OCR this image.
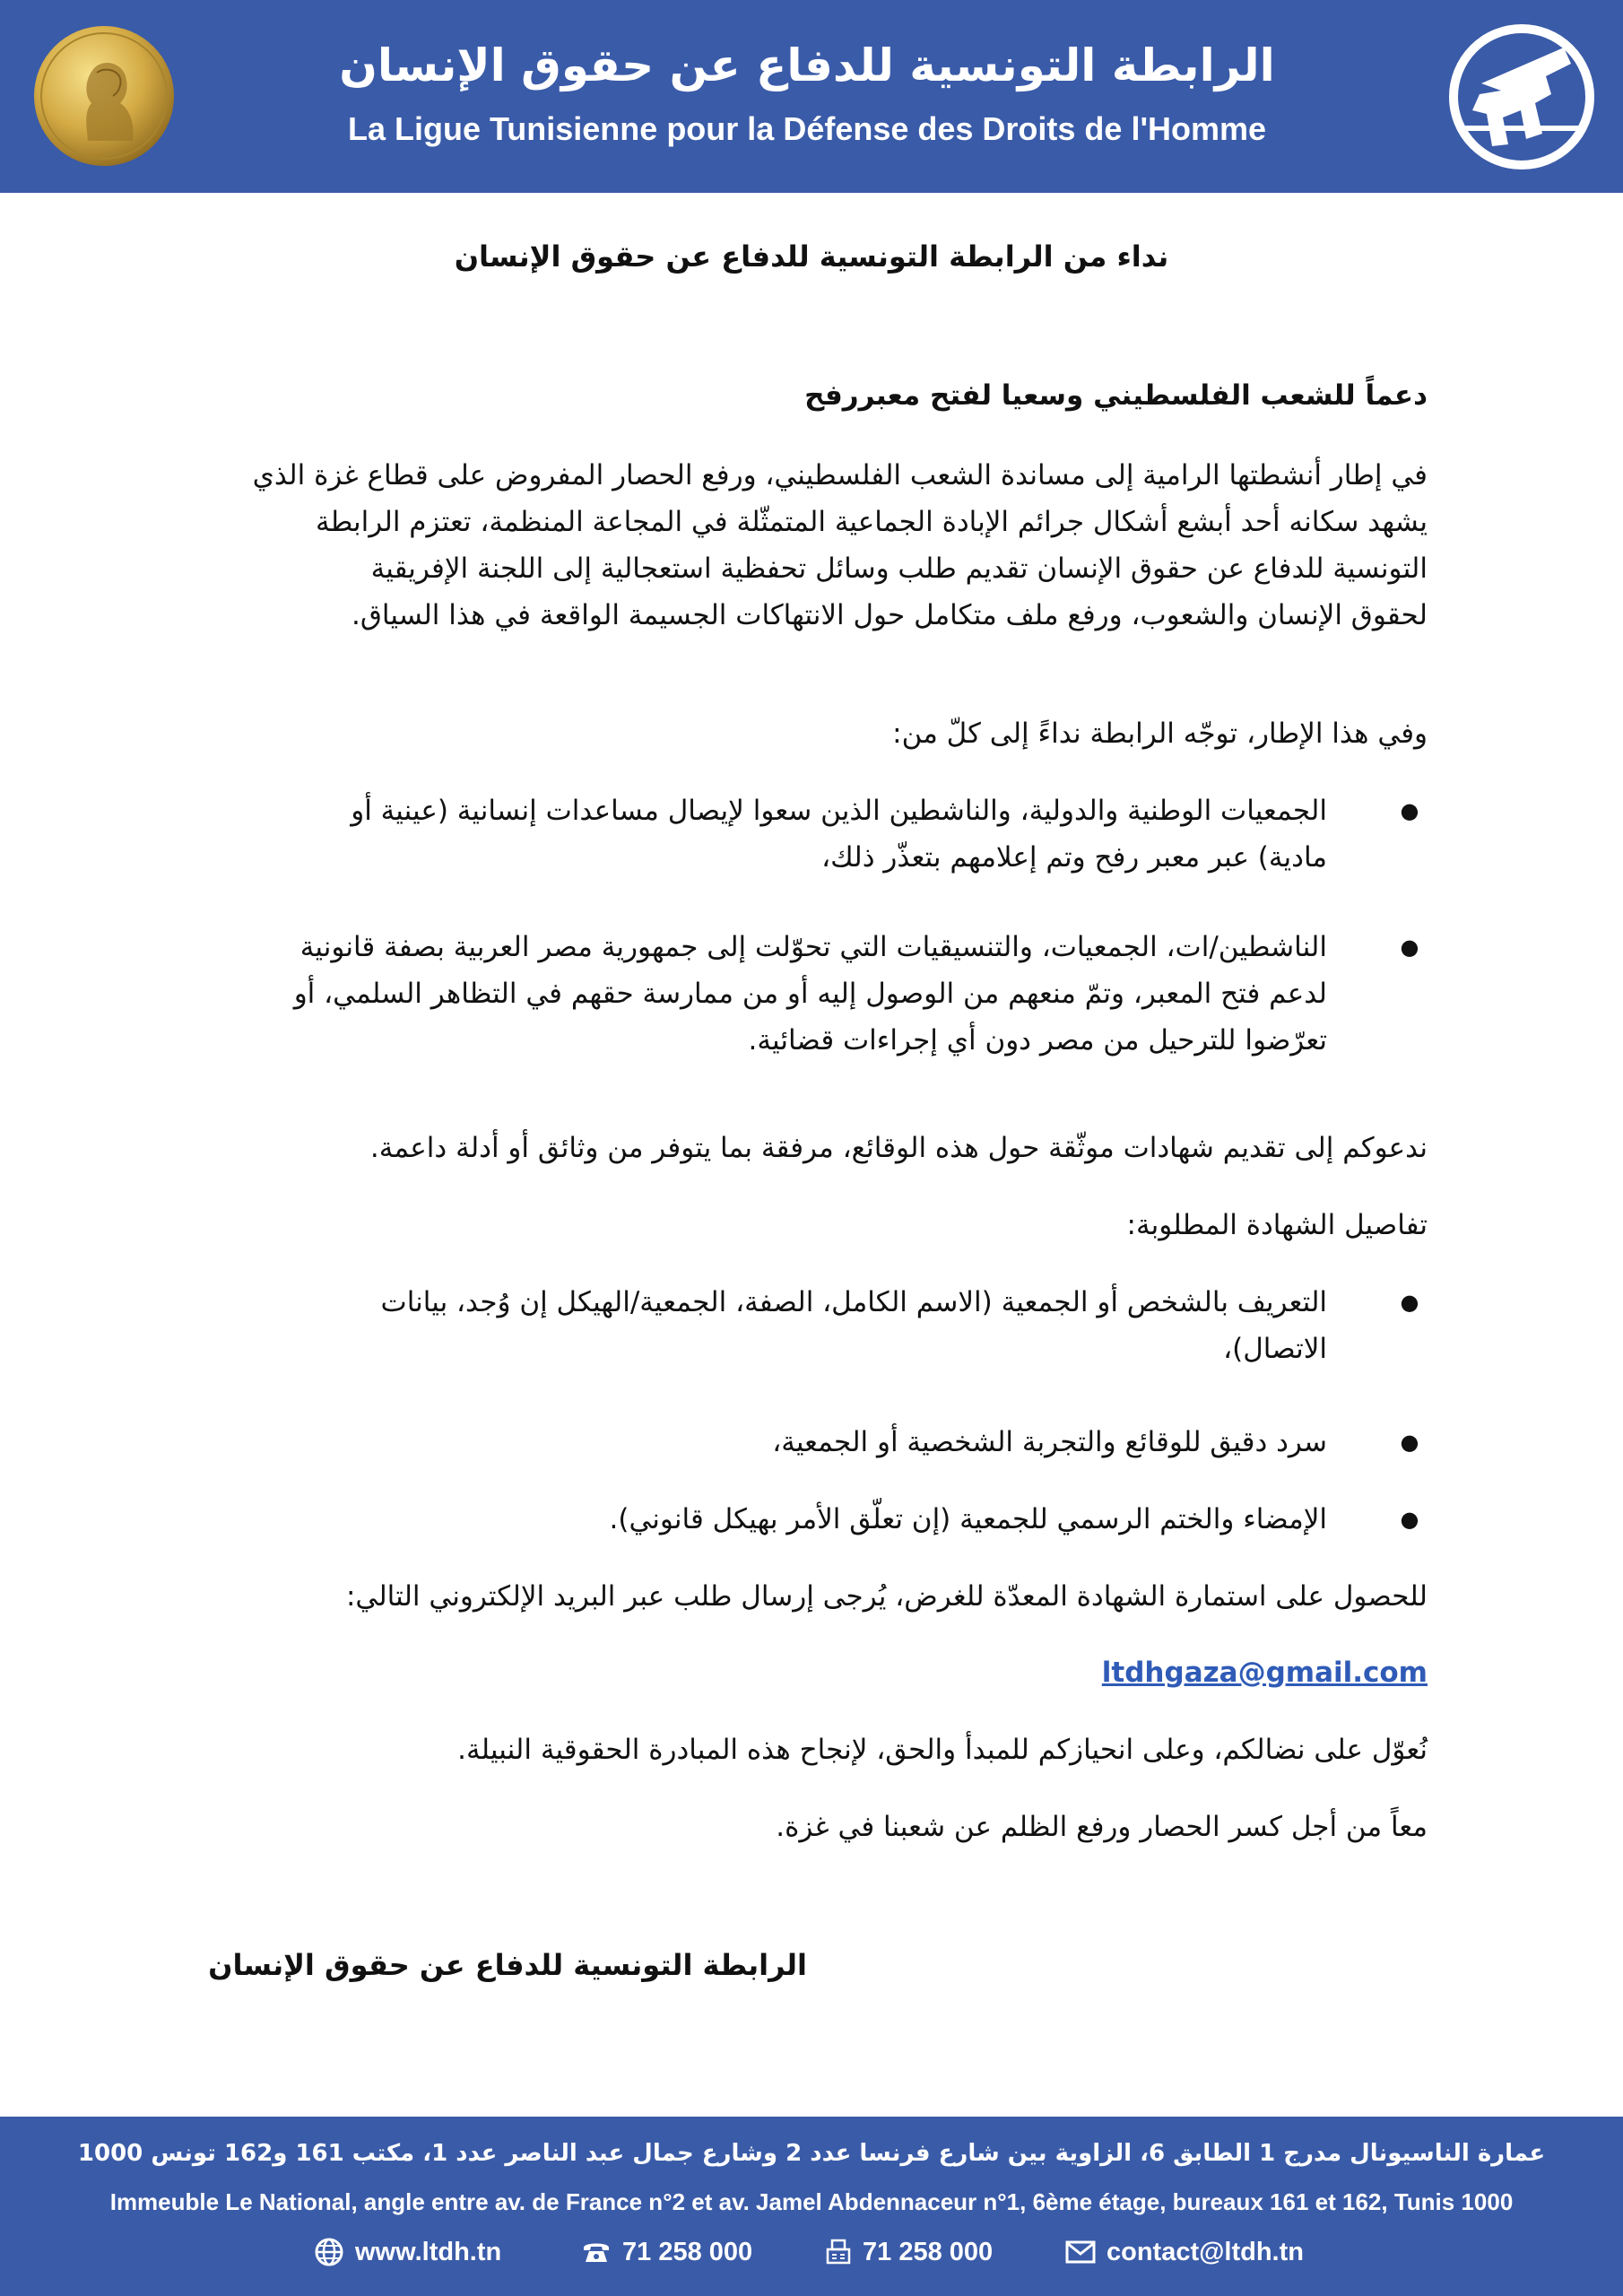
الرابطة التونسية للدفاع عن حقوق الإنسان
La Ligue Tunisienne pour la Défense des Droits de l'Homme
نداء من الرابطة التونسية للدفاع عن حقوق الإنسان
دعماً للشعب الفلسطيني وسعيا لفتح معبررفح
في إطار أنشطتها الرامية إلى مساندة الشعب الفلسطيني، ورفع الحصار المفروض على قطاع غزة الذي
يشهد سكانه أحد أبشع أشكال جرائم الإبادة الجماعية المتمثّلة في المجاعة المنظمة، تعتزم الرابطة
التونسية للدفاع عن حقوق الإنسان تقديم طلب وسائل تحفظية استعجالية إلى اللجنة الإفريقية
لحقوق الإنسان والشعوب، ورفع ملف متكامل حول الانتهاكات الجسيمة الواقعة في هذا السياق.
وفي هذا الإطار، توجّه الرابطة نداءً إلى كلّ من:
●
الجمعيات الوطنية والدولية، والناشطين الذين سعوا لإيصال مساعدات إنسانية (عينية أو
مادية) عبر معبر رفح وتم إعلامهم بتعذّر ذلك،
●
الناشطين/ات، الجمعيات، والتنسيقيات التي تحوّلت إلى جمهورية مصر العربية بصفة قانونية
لدعم فتح المعبر، وتمّ منعهم من الوصول إليه أو من ممارسة حقهم في التظاهر السلمي، أو
تعرّضوا للترحيل من مصر دون أي إجراءات قضائية.
ندعوكم إلى تقديم شهادات موثّقة حول هذه الوقائع، مرفقة بما يتوفر من وثائق أو أدلة داعمة.
تفاصيل الشهادة المطلوبة:
●
التعريف بالشخص أو الجمعية (الاسم الكامل، الصفة، الجمعية/الهيكل إن وُجد، بيانات
الاتصال)،
●
سرد دقيق للوقائع والتجربة الشخصية أو الجمعية،
●
الإمضاء والختم الرسمي للجمعية (إن تعلّق الأمر بهيكل قانوني).
للحصول على استمارة الشهادة المعدّة للغرض، يُرجى إرسال طلب عبر البريد الإلكتروني التالي:
ltdhgaza@gmail.com
نُعوّل على نضالكم، وعلى انحيازكم للمبدأ والحق، لإنجاح هذه المبادرة الحقوقية النبيلة.
معاً من أجل كسر الحصار ورفع الظلم عن شعبنا في غزة.
الرابطة التونسية للدفاع عن حقوق الإنسان
عمارة الناسيونال مدرج 1 الطابق 6، الزاوية بين شارع فرنسا عدد 2 وشارع جمال عبد الناصر عدد 1، مكتب 161 و162 تونس 1000
Immeuble Le National, angle entre av. de France n°2 et av. Jamel Abdennaceur n°1, 6ème étage, bureaux 161 et 162, Tunis 1000
www.ltdh.tn	71 258 000	71 258 000	contact@ltdh.tn
